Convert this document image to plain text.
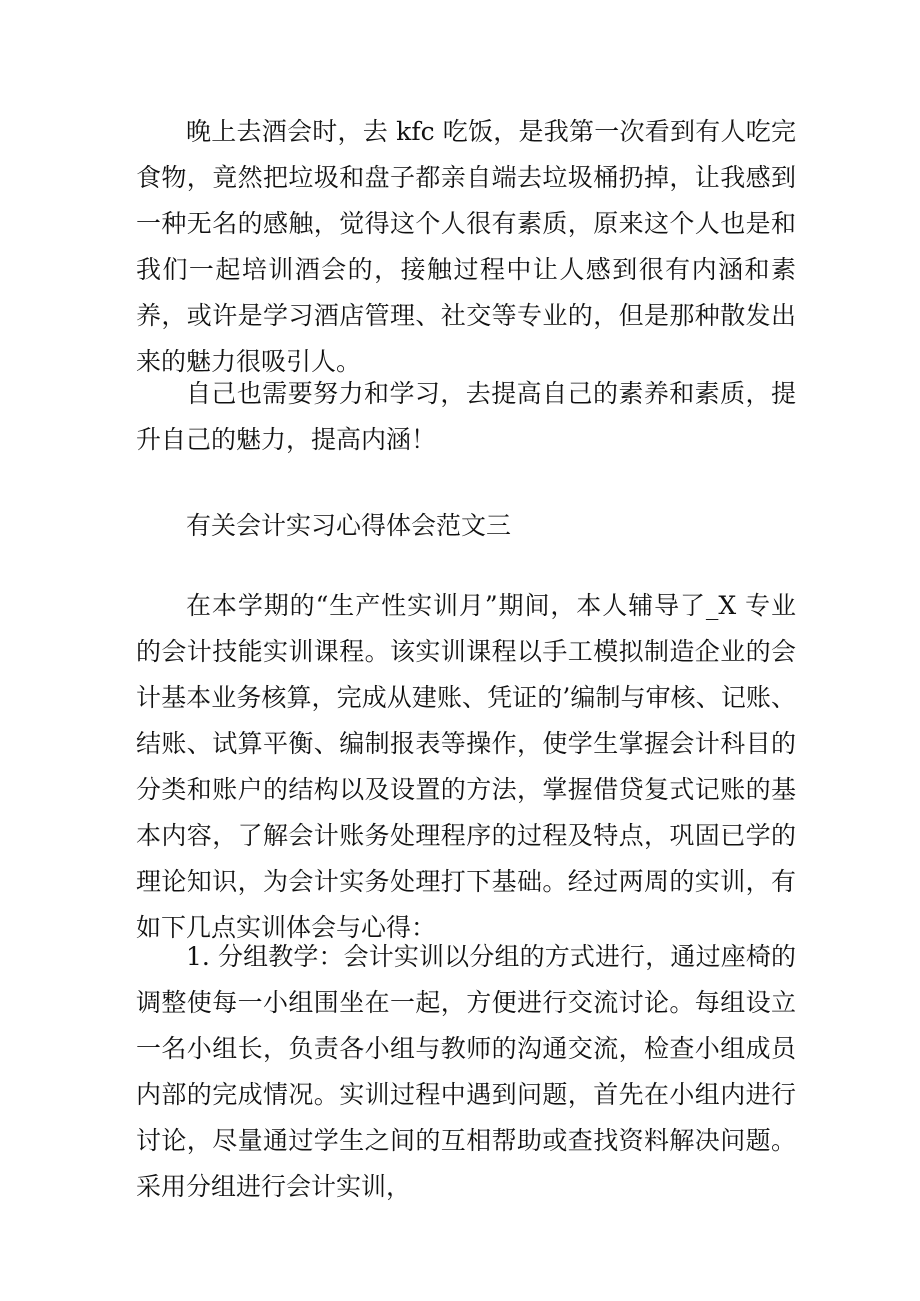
晚上去酒会时，去 kfc 吃饭，是我第一次看到有人吃完食物，竟然把垃圾和盘子都亲自端去垃圾桶扔掉，让我感到一种无名的感触，觉得这个人很有素质，原来这个人也是和我们一起培训酒会的，接触过程中让人感到很有内涵和素养，或许是学习酒店管理、社交等专业的，但是那种散发出来的魅力很吸引人。

自己也需要努力和学习，去提高自己的素养和素质，提升自己的魅力，提高内涵！

有关会计实习心得体会范文三

在本学期的“生产性实训月”期间，本人辅导了_X 专业的会计技能实训课程。该实训课程以手工模拟制造企业的会计基本业务核算，完成从建账、凭证的’编制与审核、记账、结账、试算平衡、编制报表等操作，使学生掌握会计科目的分类和账户的结构以及设置的方法，掌握借贷复式记账的基本内容，了解会计账务处理程序的过程及特点，巩固已学的理论知识，为会计实务处理打下基础。经过两周的实训，有如下几点实训体会与心得：

1. 分组教学：会计实训以分组的方式进行，通过座椅的调整使每一小组围坐在一起，方便进行交流讨论。每组设立一名小组长，负责各小组与教师的沟通交流，检查小组成员内部的完成情况。实训过程中遇到问题，首先在小组内进行讨论，尽量通过学生之间的互相帮助或查找资料解决问题。采用分组进行会计实训，
